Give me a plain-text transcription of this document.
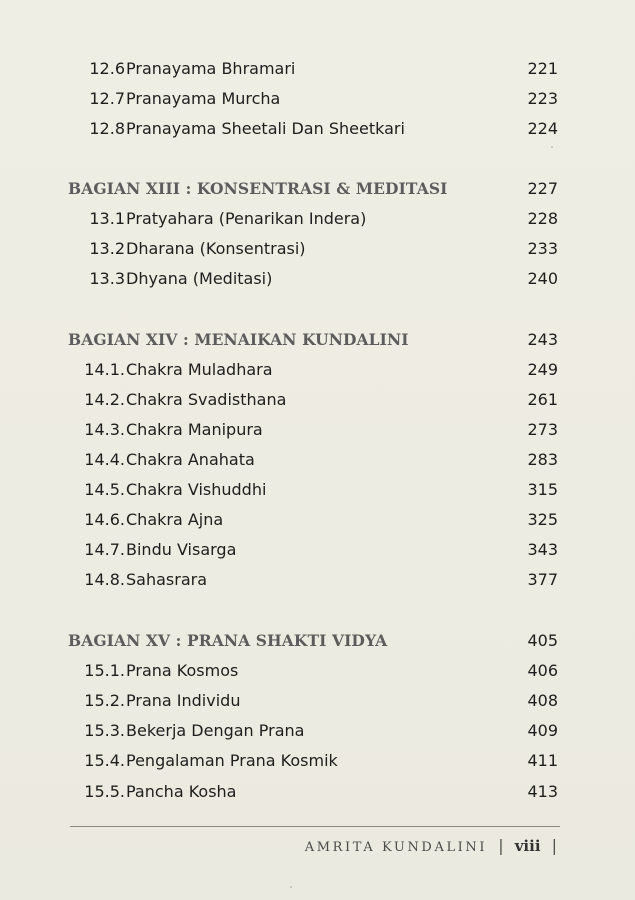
12.6 Pranayama Bhramari	221
12.7 Pranayama Murcha	223
12.8 Pranayama Sheetali Dan Sheetkari	224
BAGIAN XIII : KONSENTRASI & MEDITASI	227
13.1 Pratyahara (Penarikan Indera)	228
13.2 Dharana (Konsentrasi)	233
13.3 Dhyana (Meditasi)	240
BAGIAN XIV : MENAIKAN KUNDALINI	243
14.1. Chakra Muladhara	249
14.2. Chakra Svadisthana	261
14.3. Chakra Manipura	273
14.4. Chakra Anahata	283
14.5. Chakra Vishuddhi	315
14.6. Chakra Ajna	325
14.7. Bindu Visarga	343
14.8. Sahasrara	377
BAGIAN XV : PRANA SHAKTI VIDYA	405
15.1. Prana Kosmos	406
15.2. Prana Individu	408
15.3. Bekerja Dengan Prana	409
15.4. Pengalaman Prana Kosmik	411
15.5. Pancha Kosha	413
AMRITA KUNDALINI | viii |
